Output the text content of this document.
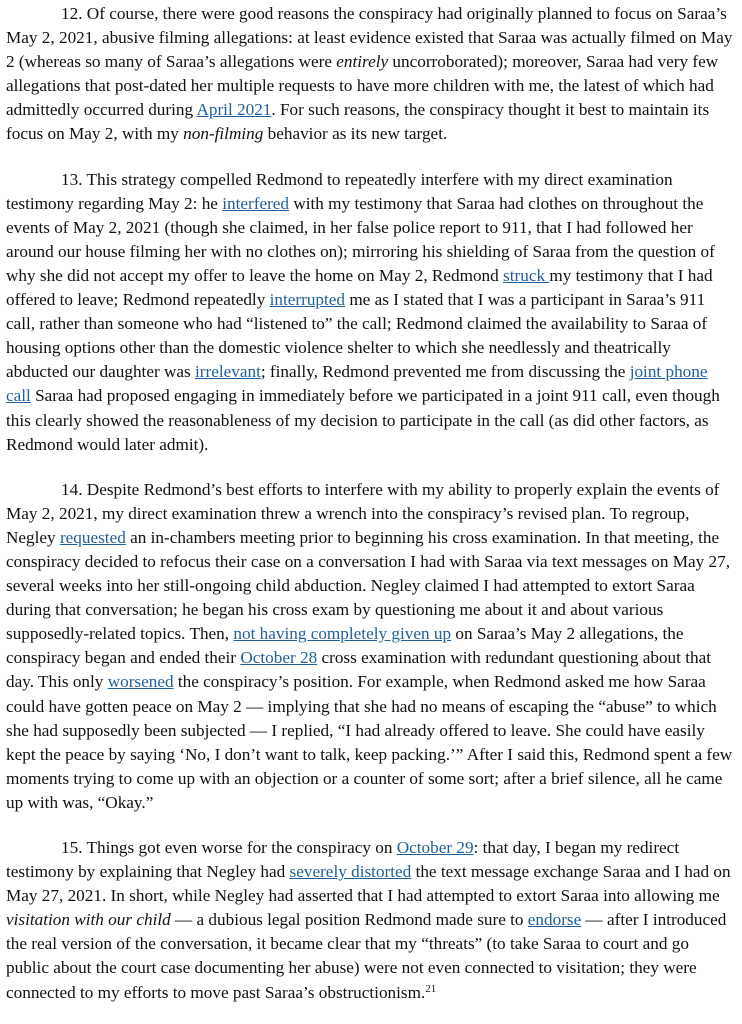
12. Of course, there were good reasons the conspiracy had originally planned to focus on Saraa’s May 2, 2021, abusive filming allegations: at least evidence existed that Saraa was actually filmed on May 2 (whereas so many of Saraa’s allegations were entirely uncorroborated); moreover, Saraa had very few allegations that post-dated her multiple requests to have more children with me, the latest of which had admittedly occurred during April 2021. For such reasons, the conspiracy thought it best to maintain its focus on May 2, with my non-filming behavior as its new target.

13. This strategy compelled Redmond to repeatedly interfere with my direct examination testimony regarding May 2: he interfered with my testimony that Saraa had clothes on throughout the events of May 2, 2021 (though she claimed, in her false police report to 911, that I had followed her around our house filming her with no clothes on); mirroring his shielding of Saraa from the question of why she did not accept my offer to leave the home on May 2, Redmond struck my testimony that I had offered to leave; Redmond repeatedly interrupted me as I stated that I was a participant in Saraa’s 911 call, rather than someone who had “listened to” the call; Redmond claimed the availability to Saraa of housing options other than the domestic violence shelter to which she needlessly and theatrically abducted our daughter was irrelevant; finally, Redmond prevented me from discussing the joint phone call Saraa had proposed engaging in immediately before we participated in a joint 911 call, even though this clearly showed the reasonableness of my decision to participate in the call (as did other factors, as Redmond would later admit).

14. Despite Redmond’s best efforts to interfere with my ability to properly explain the events of May 2, 2021, my direct examination threw a wrench into the conspiracy’s revised plan. To regroup, Negley requested an in-chambers meeting prior to beginning his cross examination. In that meeting, the conspiracy decided to refocus their case on a conversation I had with Saraa via text messages on May 27, several weeks into her still-ongoing child abduction. Negley claimed I had attempted to extort Saraa during that conversation; he began his cross exam by questioning me about it and about various supposedly-related topics. Then, not having completely given up on Saraa’s May 2 allegations, the conspiracy began and ended their October 28 cross examination with redundant questioning about that day. This only worsened the conspiracy’s position. For example, when Redmond asked me how Saraa could have gotten peace on May 2 — implying that she had no means of escaping the “abuse” to which she had supposedly been subjected — I replied, “I had already offered to leave. She could have easily kept the peace by saying ‘No, I don’t want to talk, keep packing.’” After I said this, Redmond spent a few moments trying to come up with an objection or a counter of some sort; after a brief silence, all he came up with was, “Okay.”

15. Things got even worse for the conspiracy on October 29: that day, I began my redirect testimony by explaining that Negley had severely distorted the text message exchange Saraa and I had on May 27, 2021. In short, while Negley had asserted that I had attempted to extort Saraa into allowing me visitation with our child — a dubious legal position Redmond made sure to endorse — after I introduced the real version of the conversation, it became clear that my “threats” (to take Saraa to court and go public about the court case documenting her abuse) were not even connected to visitation; they were connected to my efforts to move past Saraa’s obstructionism.$^{21}$
